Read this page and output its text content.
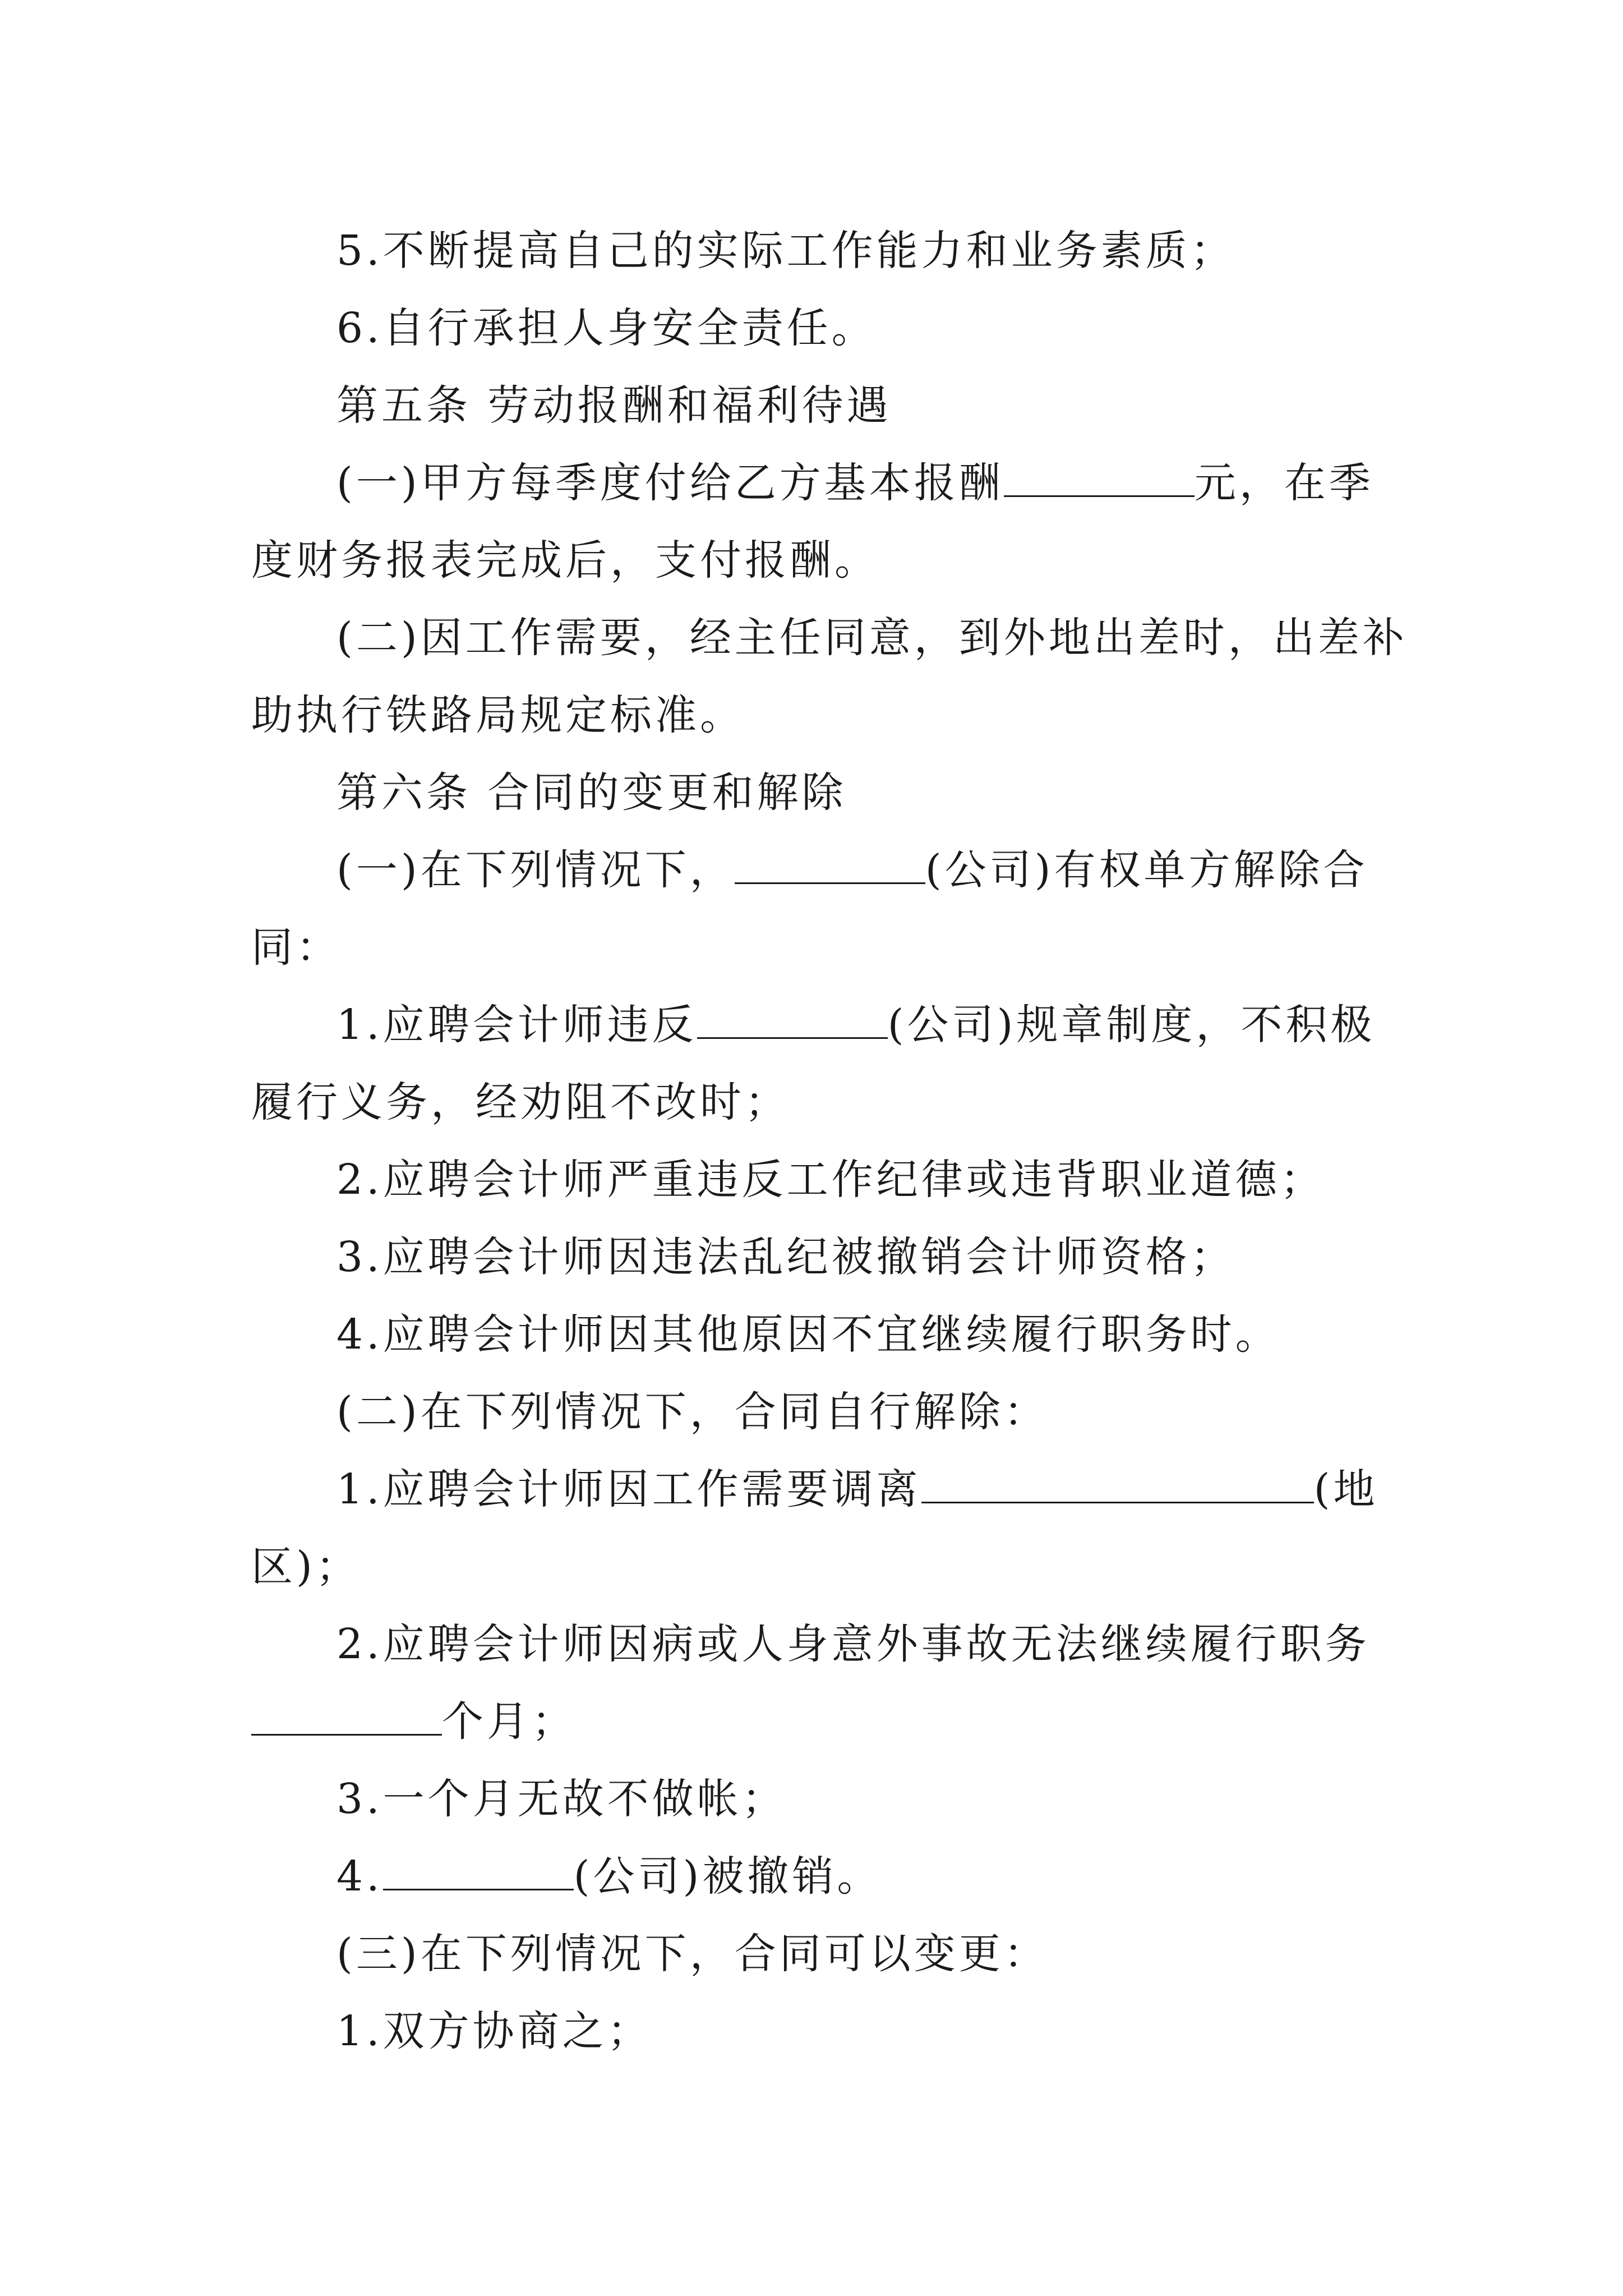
5.不断提高自己的实际工作能力和业务素质；

6.自行承担人身安全责任。

第五条 劳动报酬和福利待遇

(一)甲方每季度付给乙方基本报酬	元，在季

度财务报表完成后，支付报酬。

(二)因工作需要，经主任同意，到外地出差时，出差补

助执行铁路局规定标准。

第六条 合同的变更和解除

(一)在下列情况下，	(公司)有权单方解除合

同：

1.应聘会计师违反	(公司)规章制度，不积极

履行义务，经劝阻不改时；

2.应聘会计师严重违反工作纪律或违背职业道德；

3.应聘会计师因违法乱纪被撤销会计师资格；

4.应聘会计师因其他原因不宜继续履行职务时。

(二)在下列情况下，合同自行解除：

1.应聘会计师因工作需要调离	(地

区)；

2.应聘会计师因病或人身意外事故无法继续履行职务

个月；

3.一个月无故不做帐；

4.	(公司)被撤销。

(三)在下列情况下，合同可以变更：

1.双方协商之；
